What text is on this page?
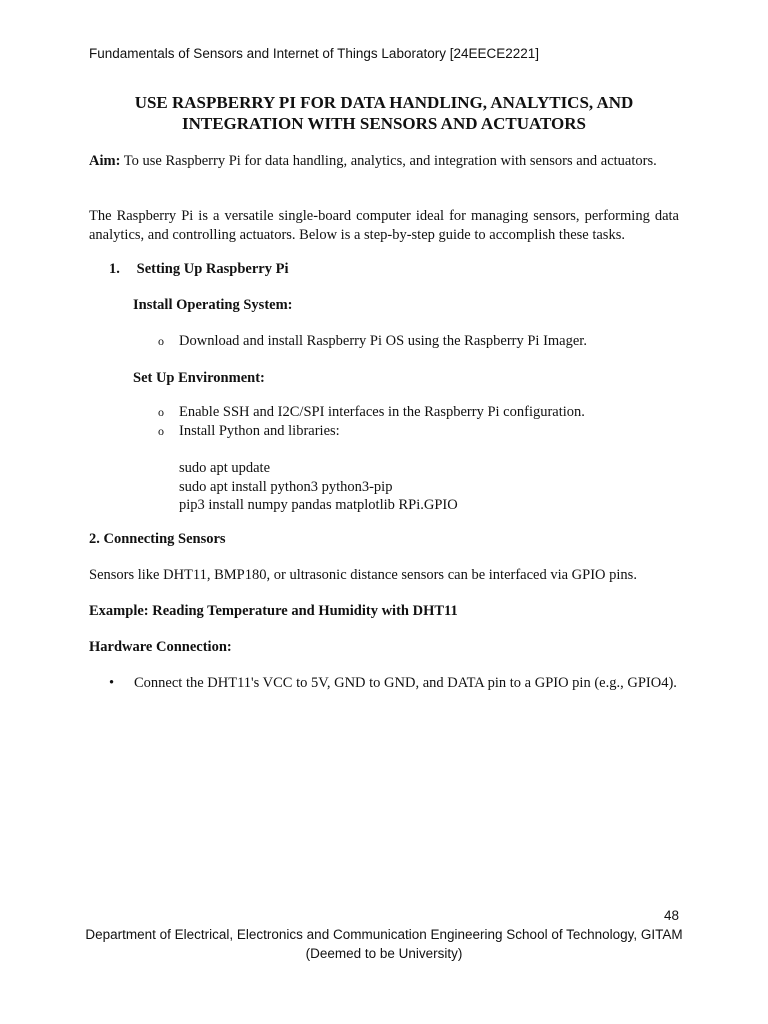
Fundamentals of Sensors and Internet of Things Laboratory [24EECE2221]
USE RASPBERRY PI FOR DATA HANDLING, ANALYTICS, AND
INTEGRATION WITH SENSORS AND ACTUATORS
Aim: To use Raspberry Pi for data handling, analytics, and integration with sensors and actuators.
The Raspberry Pi is a versatile single-board computer ideal for managing sensors, performing data analytics, and controlling actuators. Below is a step-by-step guide to accomplish these tasks.
1. Setting Up Raspberry Pi
Install Operating System:
o Download and install Raspberry Pi OS using the Raspberry Pi Imager.
Set Up Environment:
o Enable SSH and I2C/SPI interfaces in the Raspberry Pi configuration.
o Install Python and libraries:
sudo apt update
sudo apt install python3 python3-pip
pip3 install numpy pandas matplotlib RPi.GPIO
2. Connecting Sensors
Sensors like DHT11, BMP180, or ultrasonic distance sensors can be interfaced via GPIO pins.
Example: Reading Temperature and Humidity with DHT11
Hardware Connection:
• Connect the DHT11's VCC to 5V, GND to GND, and DATA pin to a GPIO pin (e.g., GPIO4).
48
Department of Electrical, Electronics and Communication Engineering School of Technology, GITAM
(Deemed to be University)
